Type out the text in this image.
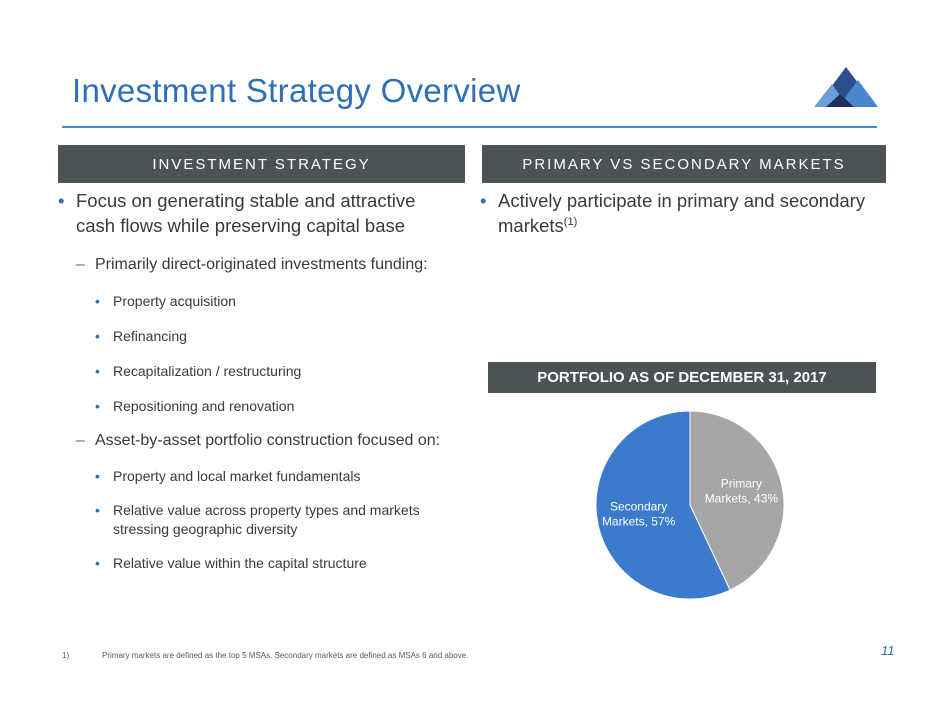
Investment Strategy Overview
INVESTMENT STRATEGY	PRIMARY VS SECONDARY MARKETS
• Focus on generating stable and attractive cash flows while preserving capital base
– Primarily direct-originated investments funding:
• Property acquisition
• Refinancing
• Recapitalization / restructuring
• Repositioning and renovation
– Asset-by-asset portfolio construction focused on:
• Property and local market fundamentals
• Relative value across property types and markets stressing geographic diversity
• Relative value within the capital structure
• Actively participate in primary and secondary markets$^{(1)}$
PORTFOLIO AS OF DECEMBER 31, 2017
Primary Markets, 43%
Secondary Markets, 57%
1)	Primary markets are defined as the top 5 MSAs. Secondary markets are defined as MSAs 6 and above.	11
